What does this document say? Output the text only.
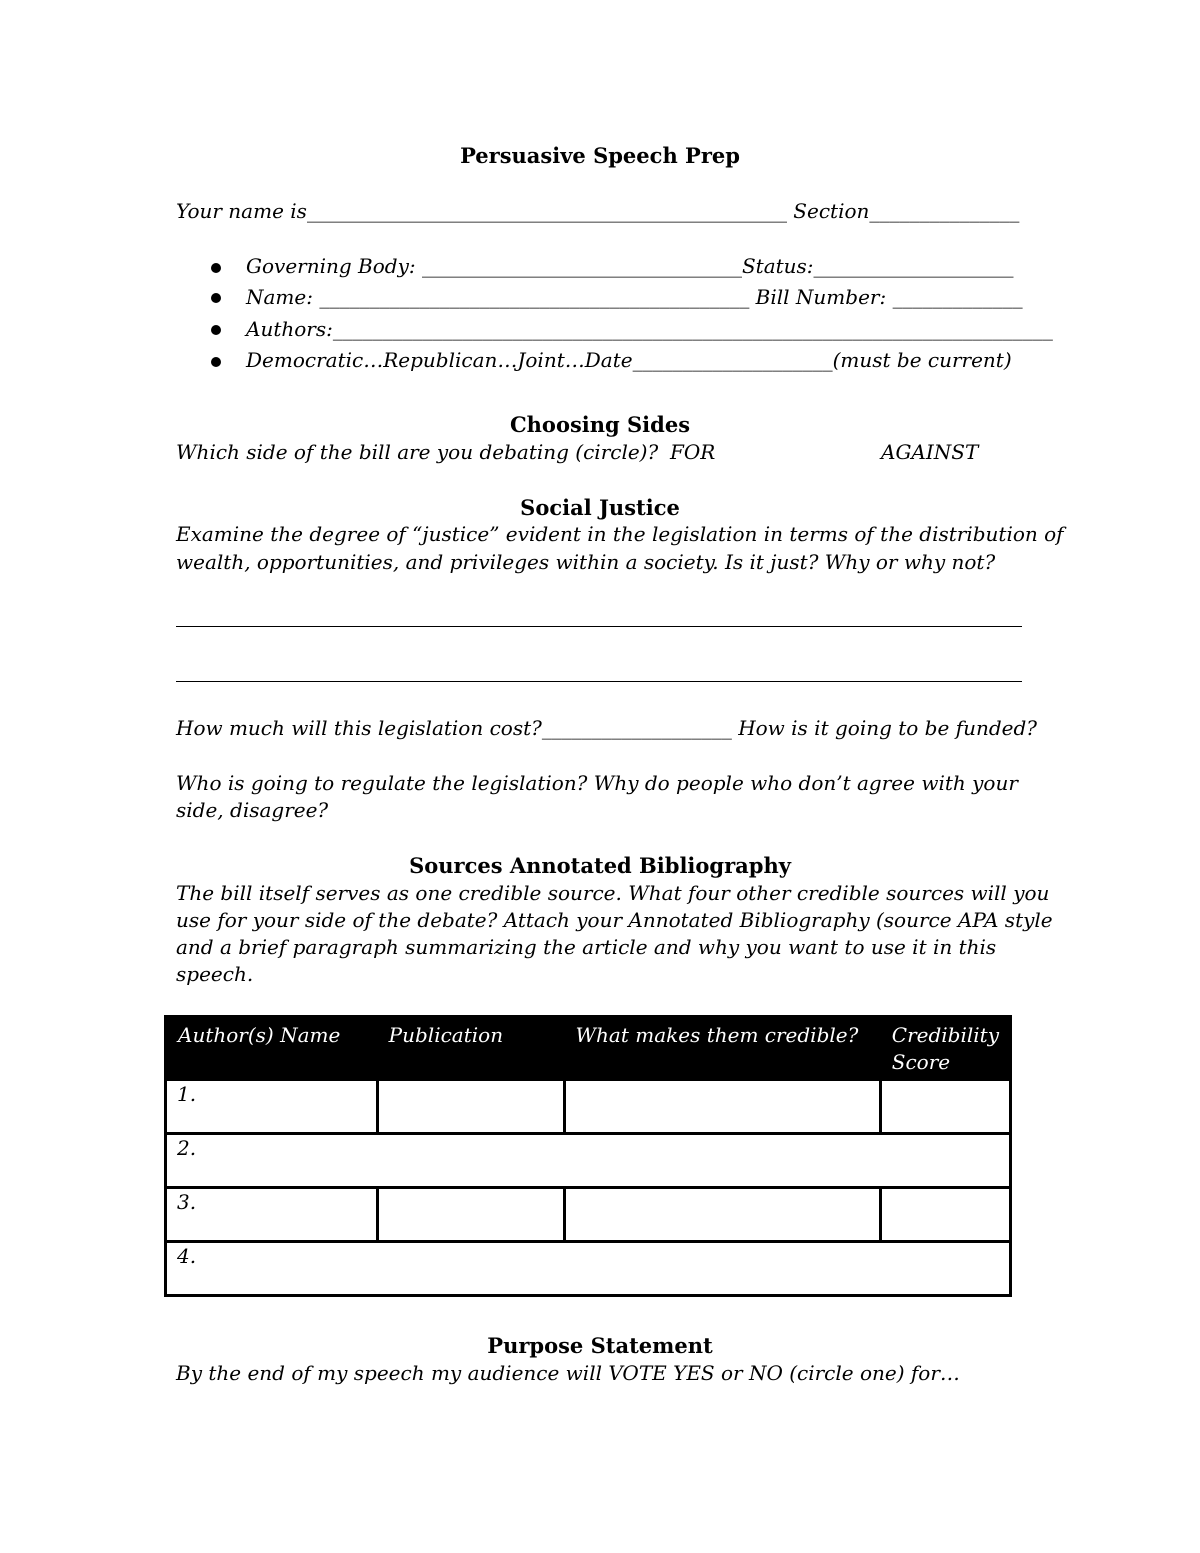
Persuasive Speech Prep
Your name is________________________________________________ Section_______________
Governing Body: ________________________________Status:____________________
Name: ___________________________________________ Bill Number: _____________
Authors:________________________________________________________________________
Democratic…Republican…Joint…Date____________________(must be current)
Choosing Sides
Which side of the bill are you debating (circle)? FOR	AGAINST
Social Justice
Examine the degree of “justice” evident in the legislation in terms of the distribution of
wealth, opportunities, and privileges within a society. Is it just? Why or why not?
How much will this legislation cost?___________________ How is it going to be funded?
Who is going to regulate the legislation? Why do people who don’t agree with your
side, disagree?
Sources Annotated Bibliography
The bill itself serves as one credible source. What four other credible sources will you
use for your side of the debate? Attach your Annotated Bibliography (source APA style
and a brief paragraph summarizing the article and why you want to use it in this
speech.
Author(s) Name	Publication	What makes them credible?	Credibility Score
1.			
2.			
3.			
4.			
Purpose Statement
By the end of my speech my audience will VOTE YES or NO (circle one) for…
